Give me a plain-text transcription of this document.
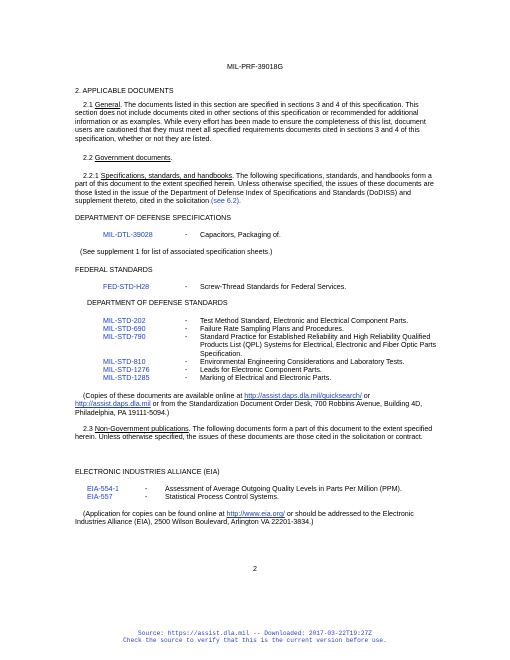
MIL-PRF-39018G
2. APPLICABLE DOCUMENTS
2.1 General. The documents listed in this section are specified in sections 3 and 4 of this specification. This section does not include documents cited in other sections of this specification or recommended for additional information or as examples. While every effort has been made to ensure the completeness of this list, document users are cautioned that they must meet all specified requirements documents cited in sections 3 and 4 of this specification, whether or not they are listed.
2.2 Government documents.
2.2.1 Specifications, standards, and handbooks. The following specifications, standards, and handbooks form a part of this document to the extent specified herein. Unless otherwise specified, the issues of these documents are those listed in the issue of the Department of Defense Index of Specifications and Standards (DoDISS) and supplement thereto, cited in the solicitation (see 6.2).
DEPARTMENT OF DEFENSE SPECIFICATIONS
MIL-DTL-39028	- Capacitors, Packaging of.
(See supplement 1 for list of associated specification sheets.)
FEDERAL STANDARDS
FED-STD-H28	- Screw-Thread Standards for Federal Services.
DEPARTMENT OF DEFENSE STANDARDS
MIL-STD-202	- Test Method Standard, Electronic and Electrical Component Parts.
MIL-STD-690	- Failure Rate Sampling Plans and Procedures.
MIL-STD-790	- Standard Practice for Established Reliability and High Reliability Qualified Products List (QPL) Systems for Electrical, Electronic and Fiber Optic Parts Specification.
MIL-STD-810	- Environmental Engineering Considerations and Laboratory Tests.
MIL-STD-1276	- Leads for Electronic Component Parts.
MIL-STD-1285	- Marking of Electrical and Electronic Parts.
(Copies of these documents are available online at http://assist.daps.dla.mil/quicksearch/ or http://assist.daps.dla.mil or from the Standardization Document Order Desk, 700 Robbins Avenue, Building 4D, Philadelphia, PA 19111-5094.)
2.3 Non-Government publications. The following documents form a part of this document to the extent specified herein. Unless otherwise specified, the issues of these documents are those cited in the solicitation or contract.
ELECTRONIC INDUSTRIES ALLIANCE (EIA)
EIA-554-1	- Assessment of Average Outgoing Quality Levels in Parts Per Million (PPM).
EIA-557	- Statistical Process Control Systems.
(Application for copies can be found online at http://www.eia.org/ or should be addressed to the Electronic Industries Alliance (EIA), 2500 Wilson Boulevard, Arlington VA 22201-3834.)
2
Source: https://assist.dla.mil -- Downloaded: 2017-03-22T19:27Z
Check the source to verify that this is the current version before use.
